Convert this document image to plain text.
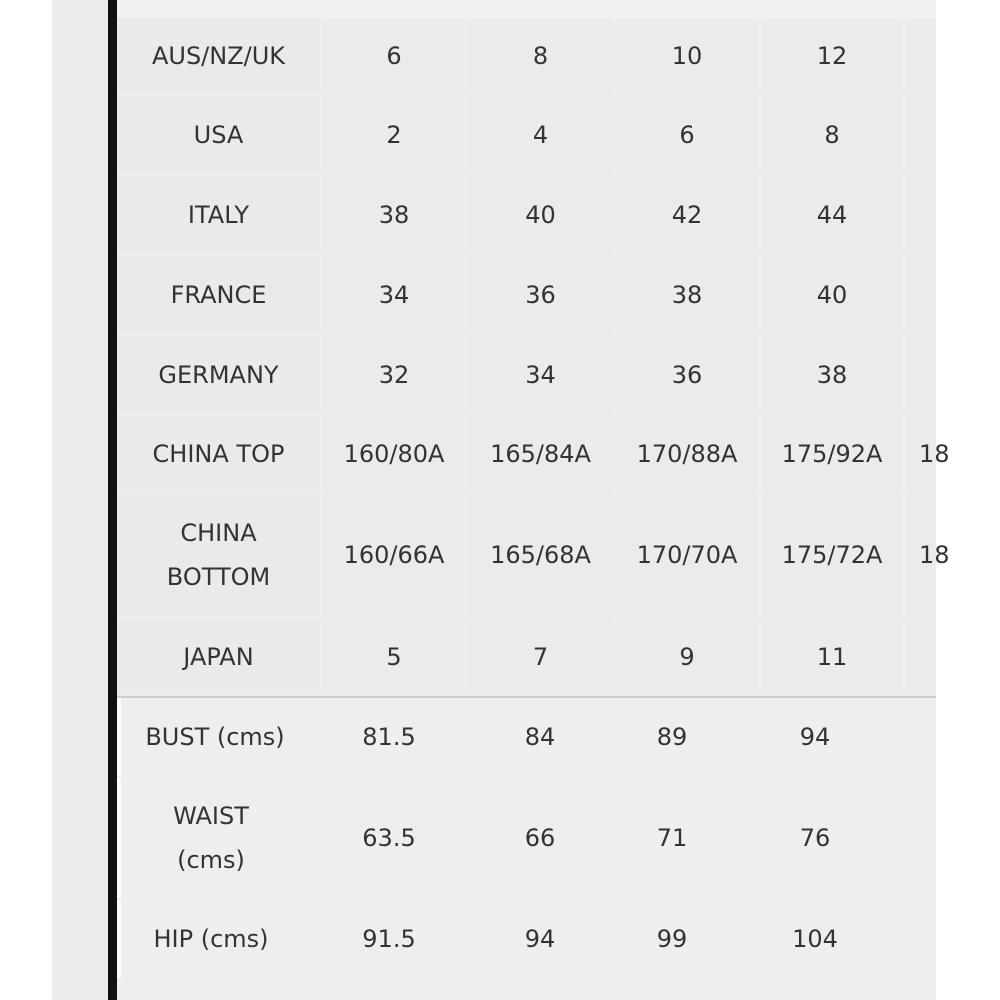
AUS/NZ/UK	6	8	10	12
USA	2	4	6	8
ITALY	38	40	42	44
FRANCE	34	36	38	40
GERMANY	32	34	36	38
CHINA TOP	160/80A	165/84A	170/88A	175/92A	18
CHINA
BOTTOM
160/66A	165/68A	170/70A	175/72A	18
JAPAN	5	7	9	11
BUST (cms)	81.5	84	89	94
WAIST
(cms)
63.5	66	71	76
HIP (cms)	91.5	94	99	104
